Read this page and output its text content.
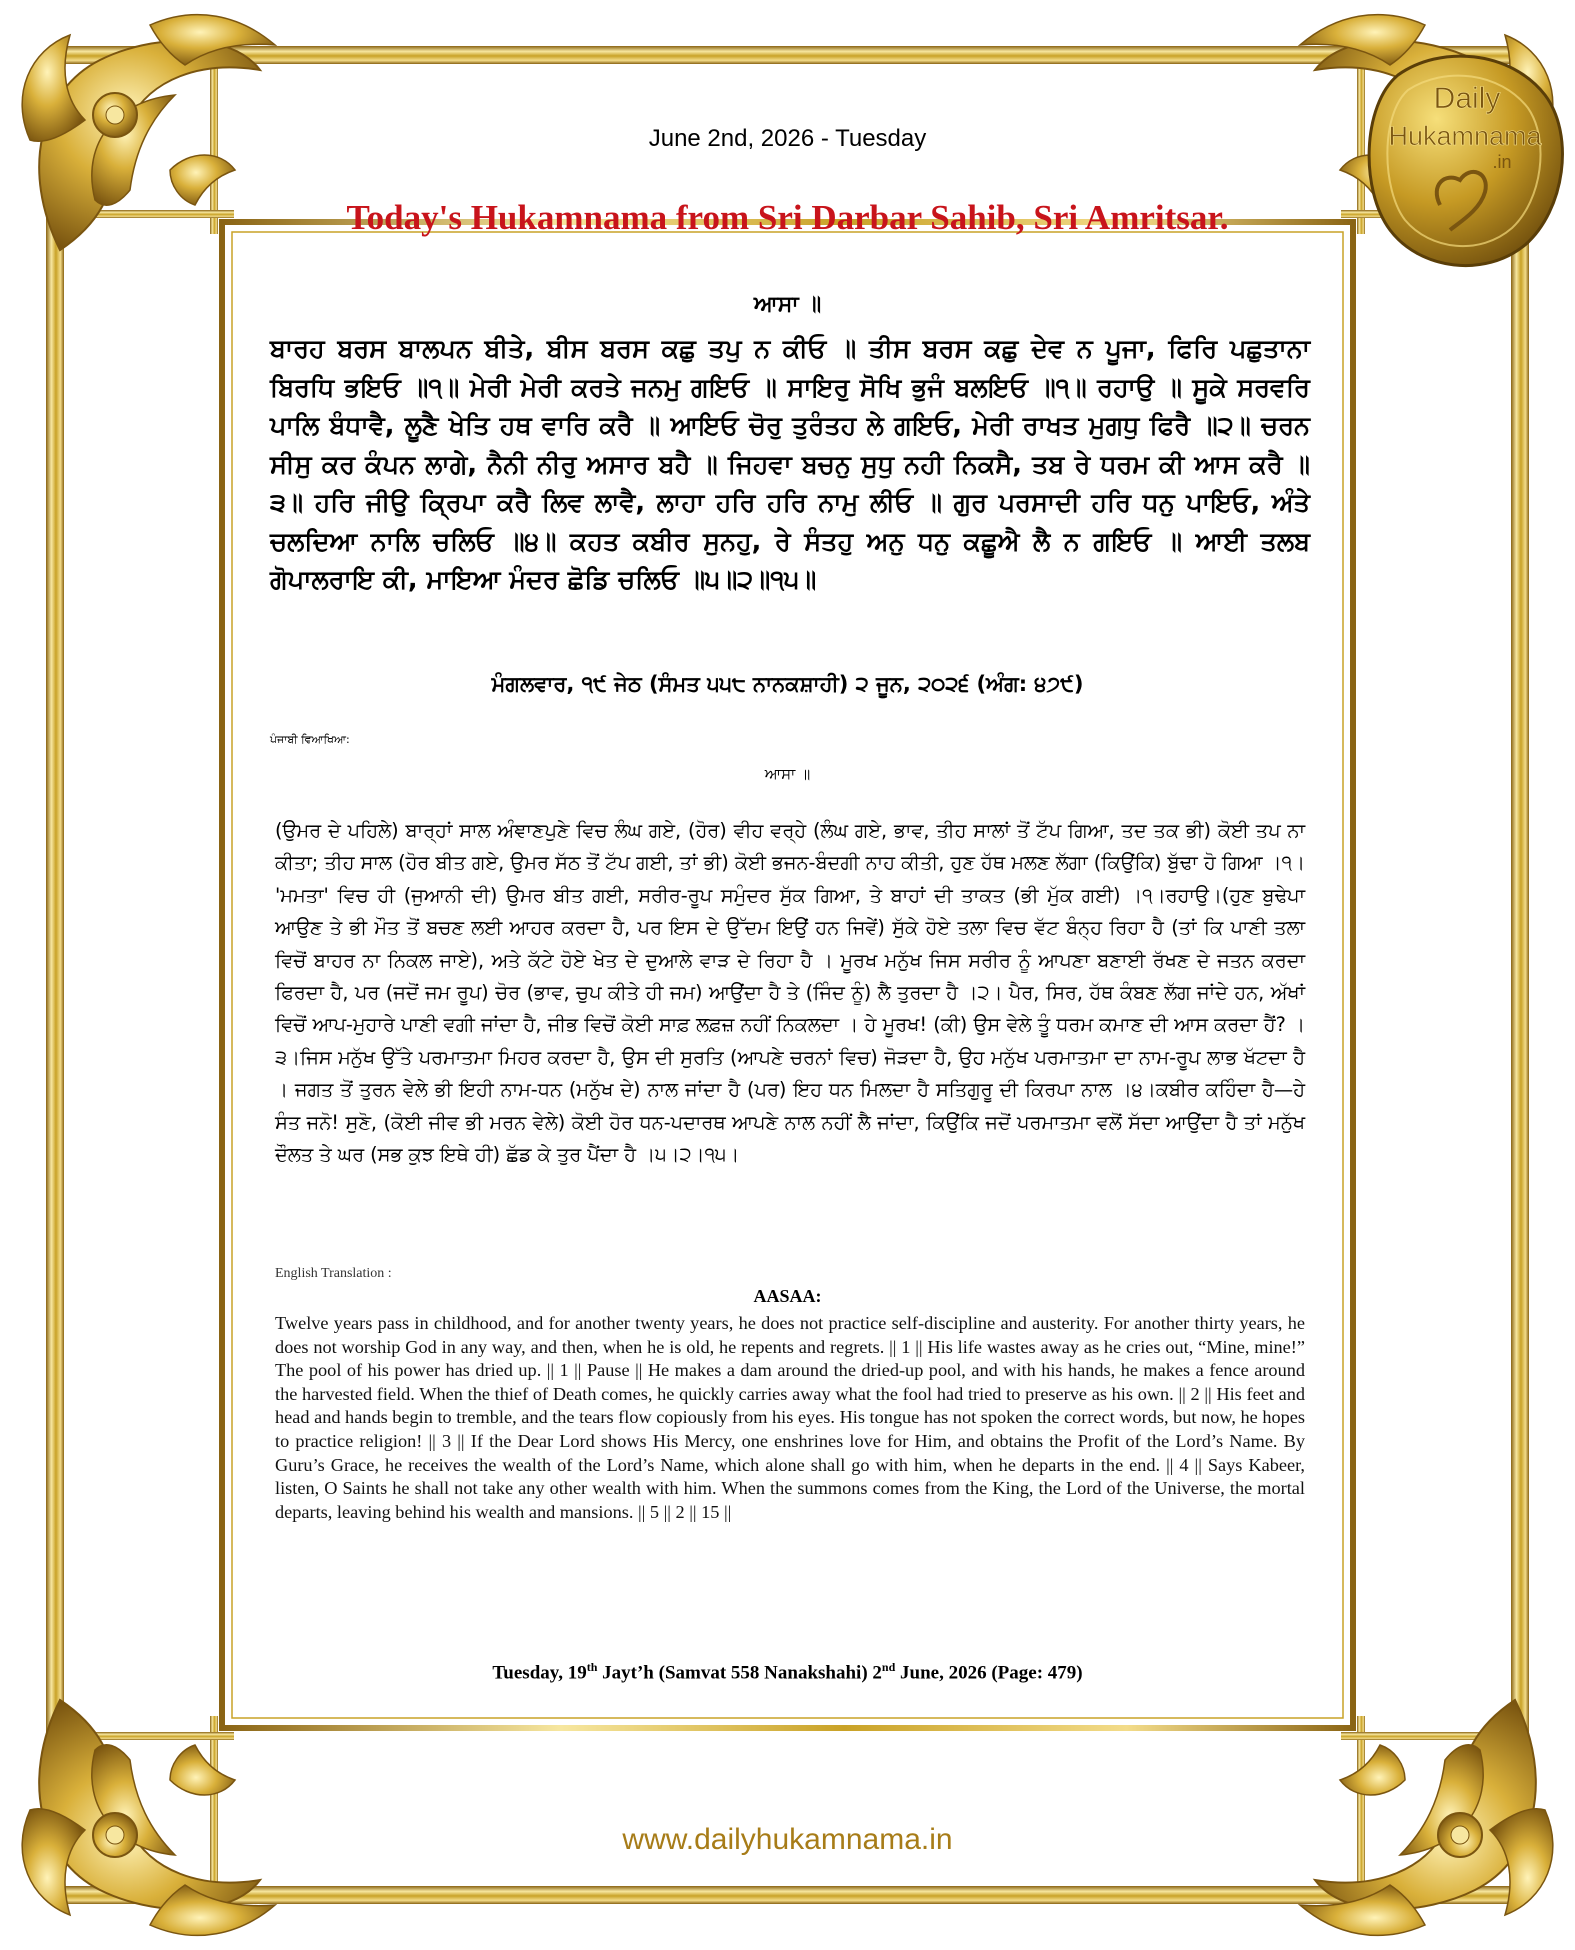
Daily
Hukamnama
.in
June 2nd, 2026 - Tuesday
Today's Hukamnama from Sri Darbar Sahib, Sri Amritsar.
ਆਸਾ ॥
ਬਾਰਹ ਬਰਸ ਬਾਲਪਨ ਬੀਤੇ, ਬੀਸ ਬਰਸ ਕਛੁ ਤਪੁ ਨ ਕੀਓ ॥ ਤੀਸ ਬਰਸ ਕਛੁ ਦੇਵ ਨ ਪੂਜਾ, ਫਿਰਿ ਪਛੁਤਾਨਾ ਬਿਰਧਿ ਭਇਓ ॥੧॥ ਮੇਰੀ ਮੇਰੀ ਕਰਤੇ ਜਨਮੁ ਗਇਓ ॥ ਸਾਇਰੁ ਸੋਖਿ ਭੁਜੰ ਬਲਇਓ ॥੧॥ ਰਹਾਉ ॥ ਸੂਕੇ ਸਰਵਰਿ ਪਾਲਿ ਬੰਧਾਵੈ, ਲੂਣੈ ਖੇਤਿ ਹਥ ਵਾਰਿ ਕਰੈ ॥ ਆਇਓ ਚੋਰੁ ਤੁਰੰਤਹ ਲੇ ਗਇਓ, ਮੇਰੀ ਰਾਖਤ ਮੁਗਧੁ ਫਿਰੈ ॥੨॥ ਚਰਨ ਸੀਸੁ ਕਰ ਕੰਪਨ ਲਾਗੇ, ਨੈਨੀ ਨੀਰੁ ਅਸਾਰ ਬਹੈ ॥ ਜਿਹਵਾ ਬਚਨੁ ਸੁਧੁ ਨਹੀ ਨਿਕਸੈ, ਤਬ ਰੇ ਧਰਮ ਕੀ ਆਸ ਕਰੈ ॥੩॥ ਹਰਿ ਜੀਉ ਕ੍ਰਿਪਾ ਕਰੈ ਲਿਵ ਲਾਵੈ, ਲਾਹਾ ਹਰਿ ਹਰਿ ਨਾਮੁ ਲੀਓ ॥ ਗੁਰ ਪਰਸਾਦੀ ਹਰਿ ਧਨੁ ਪਾਇਓ, ਅੰਤੇ ਚਲਦਿਆ ਨਾਲਿ ਚਲਿਓ ॥੪॥ ਕਹਤ ਕਬੀਰ ਸੁਨਹੁ, ਰੇ ਸੰਤਹੁ ਅਨੁ ਧਨੁ ਕਛੂਐ ਲੈ ਨ ਗਇਓ ॥ ਆਈ ਤਲਬ ਗੋਪਾਲਰਾਇ ਕੀ, ਮਾਇਆ ਮੰਦਰ ਛੋਡਿ ਚਲਿਓ ॥੫॥੨॥੧੫॥
ਮੰਗਲਵਾਰ, ੧੯ ਜੇਠ (ਸੰਮਤ ੫੫੮ ਨਾਨਕਸ਼ਾਹੀ) ੨ ਜੂਨ, ੨੦੨੬ (ਅੰਗ: ੪੭੯)
ਪੰਜਾਬੀ ਵਿਆਖਿਆ:
ਆਸਾ ॥
(ਉਮਰ ਦੇ ਪਹਿਲੇ) ਬਾਰ੍ਹਾਂ ਸਾਲ ਅੰਞਾਣਪੁਣੇ ਵਿਚ ਲੰਘ ਗਏ, (ਹੋਰ) ਵੀਹ ਵਰ੍ਹੇ (ਲੰਘ ਗਏ, ਭਾਵ, ਤੀਹ ਸਾਲਾਂ ਤੋਂ ਟੱਪ ਗਿਆ, ਤਦ ਤਕ ਭੀ) ਕੋਈ ਤਪ ਨਾ ਕੀਤਾ; ਤੀਹ ਸਾਲ (ਹੋਰ ਬੀਤ ਗਏ, ਉਮਰ ਸੱਠ ਤੋਂ ਟੱਪ ਗਈ, ਤਾਂ ਭੀ) ਕੋਈ ਭਜਨ-ਬੰਦਗੀ ਨਾਹ ਕੀਤੀ, ਹੁਣ ਹੱਥ ਮਲਣ ਲੱਗਾ (ਕਿਉਂਕਿ) ਬੁੱਢਾ ਹੋ ਗਿਆ ।੧। 'ਮਮਤਾ' ਵਿਚ ਹੀ (ਜੁਆਨੀ ਦੀ) ਉਮਰ ਬੀਤ ਗਈ, ਸਰੀਰ-ਰੂਪ ਸਮੁੰਦਰ ਸੁੱਕ ਗਿਆ, ਤੇ ਬਾਹਾਂ ਦੀ ਤਾਕਤ (ਭੀ ਮੁੱਕ ਗਈ) ।੧।ਰਹਾਉ।(ਹੁਣ ਬੁਢੇਪਾ ਆਉਣ ਤੇ ਭੀ ਮੌਤ ਤੋਂ ਬਚਣ ਲਈ ਆਹਰ ਕਰਦਾ ਹੈ, ਪਰ ਇਸ ਦੇ ਉੱਦਮ ਇਉਂ ਹਨ ਜਿਵੇਂ) ਸੁੱਕੇ ਹੋਏ ਤਲਾ ਵਿਚ ਵੱਟ ਬੰਨ੍ਹ ਰਿਹਾ ਹੈ (ਤਾਂ ਕਿ ਪਾਣੀ ਤਲਾ ਵਿਚੋਂ ਬਾਹਰ ਨਾ ਨਿਕਲ ਜਾਏ), ਅਤੇ ਕੱਟੇ ਹੋਏ ਖੇਤ ਦੇ ਦੁਆਲੇ ਵਾੜ ਦੇ ਰਿਹਾ ਹੈ । ਮੂਰਖ ਮਨੁੱਖ ਜਿਸ ਸਰੀਰ ਨੂੰ ਆਪਣਾ ਬਣਾਈ ਰੱਖਣ ਦੇ ਜਤਨ ਕਰਦਾ ਫਿਰਦਾ ਹੈ, ਪਰ (ਜਦੋਂ ਜਮ ਰੂਪ) ਚੋਰ (ਭਾਵ, ਚੁਪ ਕੀਤੇ ਹੀ ਜਮ) ਆਉਂਦਾ ਹੈ ਤੇ (ਜਿੰਦ ਨੂੰ) ਲੈ ਤੁਰਦਾ ਹੈ ।੨। ਪੈਰ, ਸਿਰ, ਹੱਥ ਕੰਬਣ ਲੱਗ ਜਾਂਦੇ ਹਨ, ਅੱਖਾਂ ਵਿਚੋਂ ਆਪ-ਮੁਹਾਰੇ ਪਾਣੀ ਵਗੀ ਜਾਂਦਾ ਹੈ, ਜੀਭ ਵਿਚੋਂ ਕੋਈ ਸਾਫ਼ ਲਫ਼ਜ਼ ਨਹੀਂ ਨਿਕਲਦਾ । ਹੇ ਮੂਰਖ! (ਕੀ) ਉਸ ਵੇਲੇ ਤੂੰ ਧਰਮ ਕਮਾਣ ਦੀ ਆਸ ਕਰਦਾ ਹੈਂ? ।੩।ਜਿਸ ਮਨੁੱਖ ਉੱਤੇ ਪਰਮਾਤਮਾ ਮਿਹਰ ਕਰਦਾ ਹੈ, ਉਸ ਦੀ ਸੁਰਤਿ (ਆਪਣੇ ਚਰਨਾਂ ਵਿਚ) ਜੋੜਦਾ ਹੈ, ਉਹ ਮਨੁੱਖ ਪਰਮਾਤਮਾ ਦਾ ਨਾਮ-ਰੂਪ ਲਾਭ ਖੱਟਦਾ ਹੈ । ਜਗਤ ਤੋਂ ਤੁਰਨ ਵੇਲੇ ਭੀ ਇਹੀ ਨਾਮ-ਧਨ (ਮਨੁੱਖ ਦੇ) ਨਾਲ ਜਾਂਦਾ ਹੈ (ਪਰ) ਇਹ ਧਨ ਮਿਲਦਾ ਹੈ ਸਤਿਗੁਰੂ ਦੀ ਕਿਰਪਾ ਨਾਲ ।੪।ਕਬੀਰ ਕਹਿੰਦਾ ਹੈ—ਹੇ ਸੰਤ ਜਨੋ! ਸੁਣੋ, (ਕੋਈ ਜੀਵ ਭੀ ਮਰਨ ਵੇਲੇ) ਕੋਈ ਹੋਰ ਧਨ-ਪਦਾਰਥ ਆਪਣੇ ਨਾਲ ਨਹੀਂ ਲੈ ਜਾਂਦਾ, ਕਿਉਂਕਿ ਜਦੋਂ ਪਰਮਾਤਮਾ ਵਲੋਂ ਸੱਦਾ ਆਉਂਦਾ ਹੈ ਤਾਂ ਮਨੁੱਖ ਦੌਲਤ ਤੇ ਘਰ (ਸਭ ਕੁਝ ਇਥੇ ਹੀ) ਛੱਡ ਕੇ ਤੁਰ ਪੈਂਦਾ ਹੈ ।੫।੨।੧੫।
English Translation :
AASAA:
Twelve years pass in childhood, and for another twenty years, he does not practice self-discipline and austerity. For another thirty years, he does not worship God in any way, and then, when he is old, he repents and regrets. || 1 || His life wastes away as he cries out, “Mine, mine!” The pool of his power has dried up. || 1 || Pause || He makes a dam around the dried-up pool, and with his hands, he makes a fence around the harvested field. When the thief of Death comes, he quickly carries away what the fool had tried to preserve as his own. || 2 || His feet and head and hands begin to tremble, and the tears flow copiously from his eyes. His tongue has not spoken the correct words, but now, he hopes to practice religion! || 3 || If the Dear Lord shows His Mercy, one enshrines love for Him, and obtains the Profit of the Lord’s Name. By Guru’s Grace, he receives the wealth of the Lord’s Name, which alone shall go with him, when he departs in the end. || 4 || Says Kabeer, listen, O Saints he shall not take any other wealth with him. When the summons comes from the King, the Lord of the Universe, the mortal departs, leaving behind his wealth and mansions. || 5 || 2 || 15 ||
Tuesday, 19th Jayt’h (Samvat 558 Nanakshahi) 2nd June, 2026 (Page: 479)
www.dailyhukamnama.in
